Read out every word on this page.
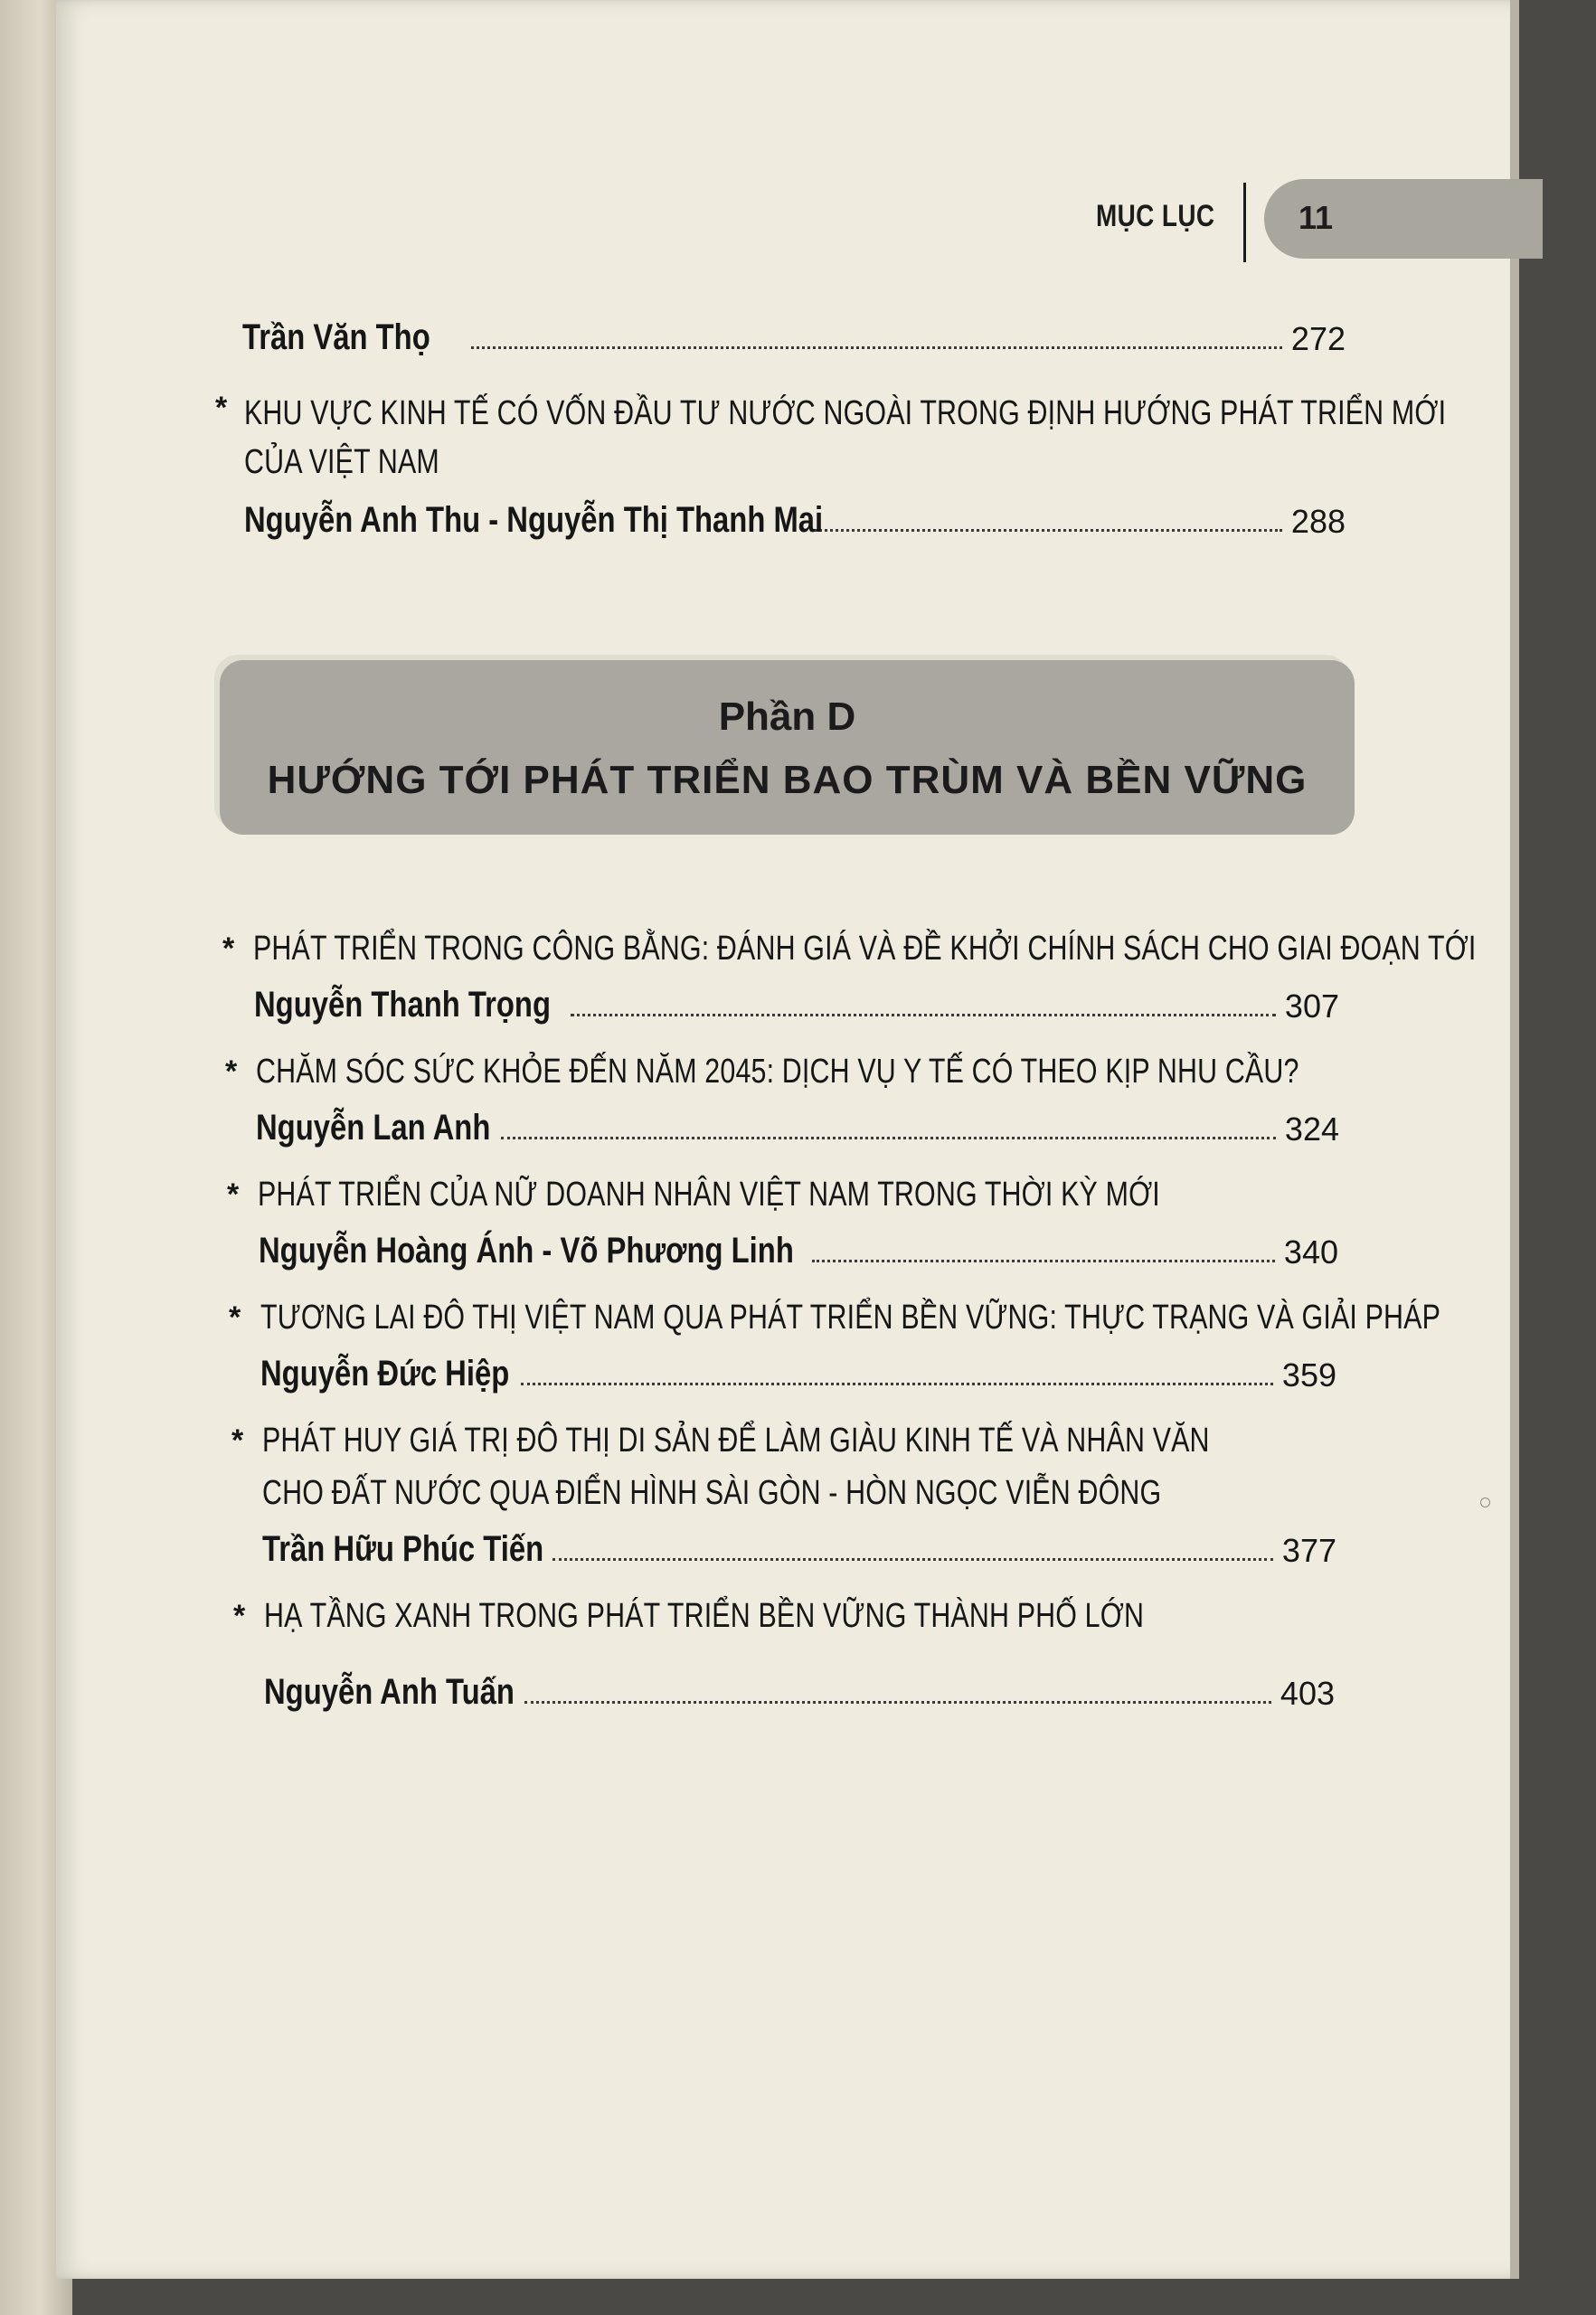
MỤC LỤC	11
Trần Văn Thọ	272
* KHU VỰC KINH TẾ CÓ VỐN ĐẦU TƯ NƯỚC NGOÀI TRONG ĐỊNH HƯỚNG PHÁT TRIỂN MỚI
CỦA VIỆT NAM
Nguyễn Anh Thu - Nguyễn Thị Thanh Mai	288
Phần D
HƯỚNG TỚI PHÁT TRIỂN BAO TRÙM VÀ BỀN VỮNG
* PHÁT TRIỂN TRONG CÔNG BẰNG: ĐÁNH GIÁ VÀ ĐỀ KHỞI CHÍNH SÁCH CHO GIAI ĐOẠN TỚI
Nguyễn Thanh Trọng	307
* CHĂM SÓC SỨC KHỎE ĐẾN NĂM 2045: DỊCH VỤ Y TẾ CÓ THEO KỊP NHU CẦU?
Nguyễn Lan Anh	324
* PHÁT TRIỂN CỦA NỮ DOANH NHÂN VIỆT NAM TRONG THỜI KỲ MỚI
Nguyễn Hoàng Ánh - Võ Phương Linh	340
* TƯƠNG LAI ĐÔ THỊ VIỆT NAM QUA PHÁT TRIỂN BỀN VỮNG: THỰC TRẠNG VÀ GIẢI PHÁP
Nguyễn Đức Hiệp	359
* PHÁT HUY GIÁ TRỊ ĐÔ THỊ DI SẢN ĐỂ LÀM GIÀU KINH TẾ VÀ NHÂN VĂN
CHO ĐẤT NƯỚC QUA ĐIỂN HÌNH SÀI GÒN - HÒN NGỌC VIỄN ĐÔNG
Trần Hữu Phúc Tiến	377
* HẠ TẦNG XANH TRONG PHÁT TRIỂN BỀN VỮNG THÀNH PHỐ LỚN
Nguyễn Anh Tuấn	403
